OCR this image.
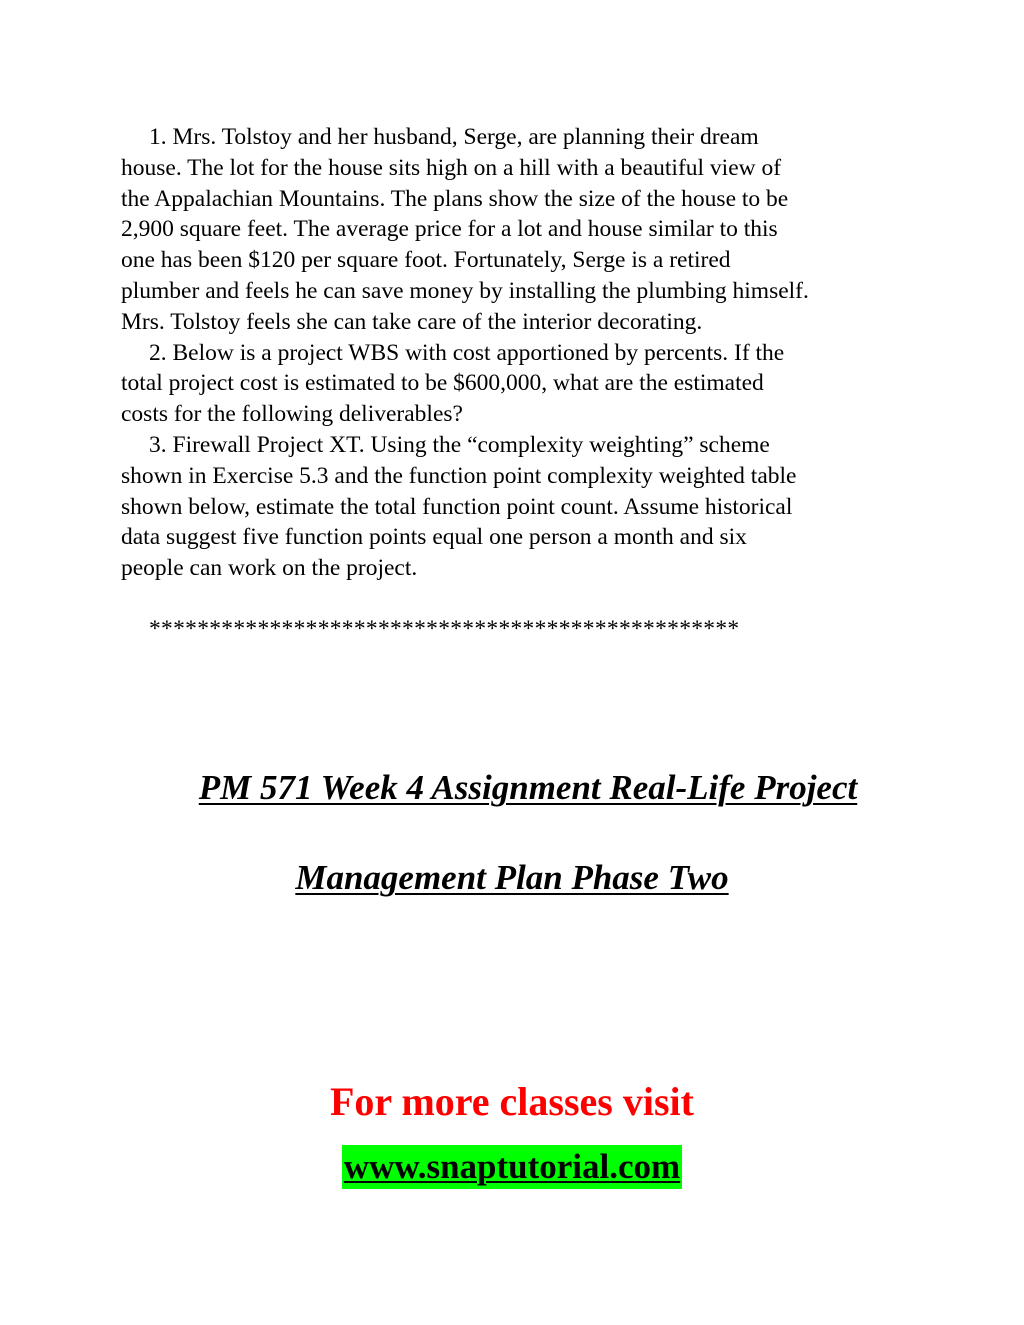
1. Mrs. Tolstoy and her husband, Serge, are planning their dream
house. The lot for the house sits high on a hill with a beautiful view of
the Appalachian Mountains. The plans show the size of the house to be
2,900 square feet. The average price for a lot and house similar to this
one has been $120 per square foot. Fortunately, Serge is a retired
plumber and feels he can save money by installing the plumbing himself.
Mrs. Tolstoy feels she can take care of the interior decorating.

2. Below is a project WBS with cost apportioned by percents. If the
total project cost is estimated to be $600,000, what are the estimated
costs for the following deliverables?

3. Firewall Project XT. Using the “complexity weighting” scheme
shown in Exercise 5.3 and the function point complexity weighted table
shown below, estimate the total function point count. Assume historical
data suggest five function points equal one person a month and six
people can work on the project.

*************************************************
PM 571 Week 4 Assignment Real-Life Project
Management Plan Phase Two
For more classes visit
www.snaptutorial.com
